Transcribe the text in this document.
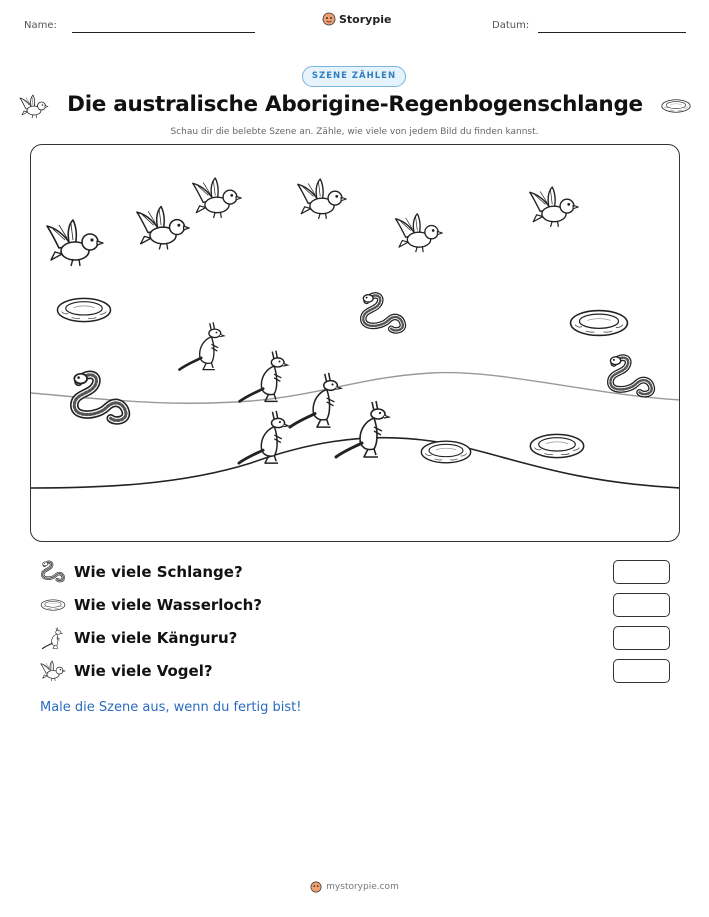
Name:	Storypie	Datum:
SZENE ZÄHLEN
Die australische Aborigine-Regenbogenschlange
Schau dir die belebte Szene an. Zähle, wie viele von jedem Bild du finden kannst.
Wie viele Schlange?
Wie viele Wasserloch?
Wie viele Känguru?
Wie viele Vogel?
Male die Szene aus, wenn du fertig bist!
mystorypie.com
